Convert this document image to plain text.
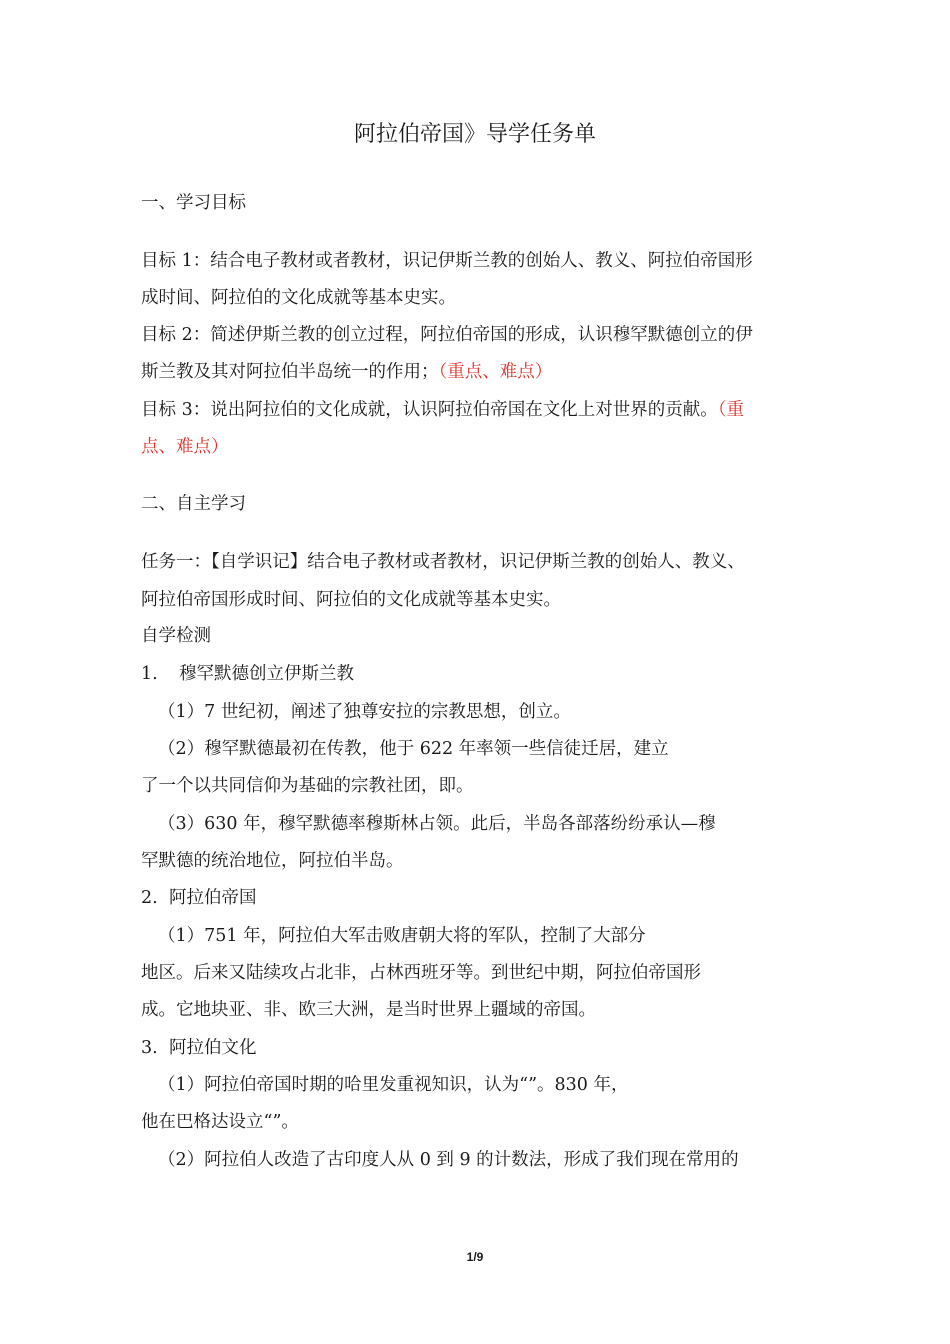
阿拉伯帝国》导学任务单
一、学习目标
目标 1：结合电子教材或者教材，识记伊斯兰教的创始人、教义、阿拉伯帝国形
成时间、阿拉伯的文化成就等基本史实。
目标 2：简述伊斯兰教的创立过程，阿拉伯帝国的形成，认识穆罕默德创立的伊
斯兰教及其对阿拉伯半岛统一的作用；（重点、难点）
目标 3：说出阿拉伯的文化成就，认识阿拉伯帝国在文化上对世界的贡献。（重
点、难点）
二、自主学习
任务一：【自学识记】结合电子教材或者教材，识记伊斯兰教的创始人、教义、
阿拉伯帝国形成时间、阿拉伯的文化成就等基本史实。
自学检测
1. 穆罕默德创立伊斯兰教
（1）7 世纪初，阐述了独尊安拉的宗教思想，创立。
（2）穆罕默德最初在传教，他于 622 年率领一些信徒迁居，建立
了一个以共同信仰为基础的宗教社团，即。
（3）630 年，穆罕默德率穆斯林占领。此后，半岛各部落纷纷承认—穆
罕默德的统治地位，阿拉伯半岛。
2. 阿拉伯帝国
（1）751 年，阿拉伯大军击败唐朝大将的军队，控制了大部分
地区。后来又陆续攻占北非，占林西班牙等。到世纪中期，阿拉伯帝国形
成。它地块亚、非、欧三大洲，是当时世界上疆域的帝国。
3. 阿拉伯文化
（1）阿拉伯帝国时期的哈里发重视知识，认为“”。830 年，
他在巴格达设立“”。
（2）阿拉伯人改造了古印度人从 0 到 9 的计数法，形成了我们现在常用的
1/9
